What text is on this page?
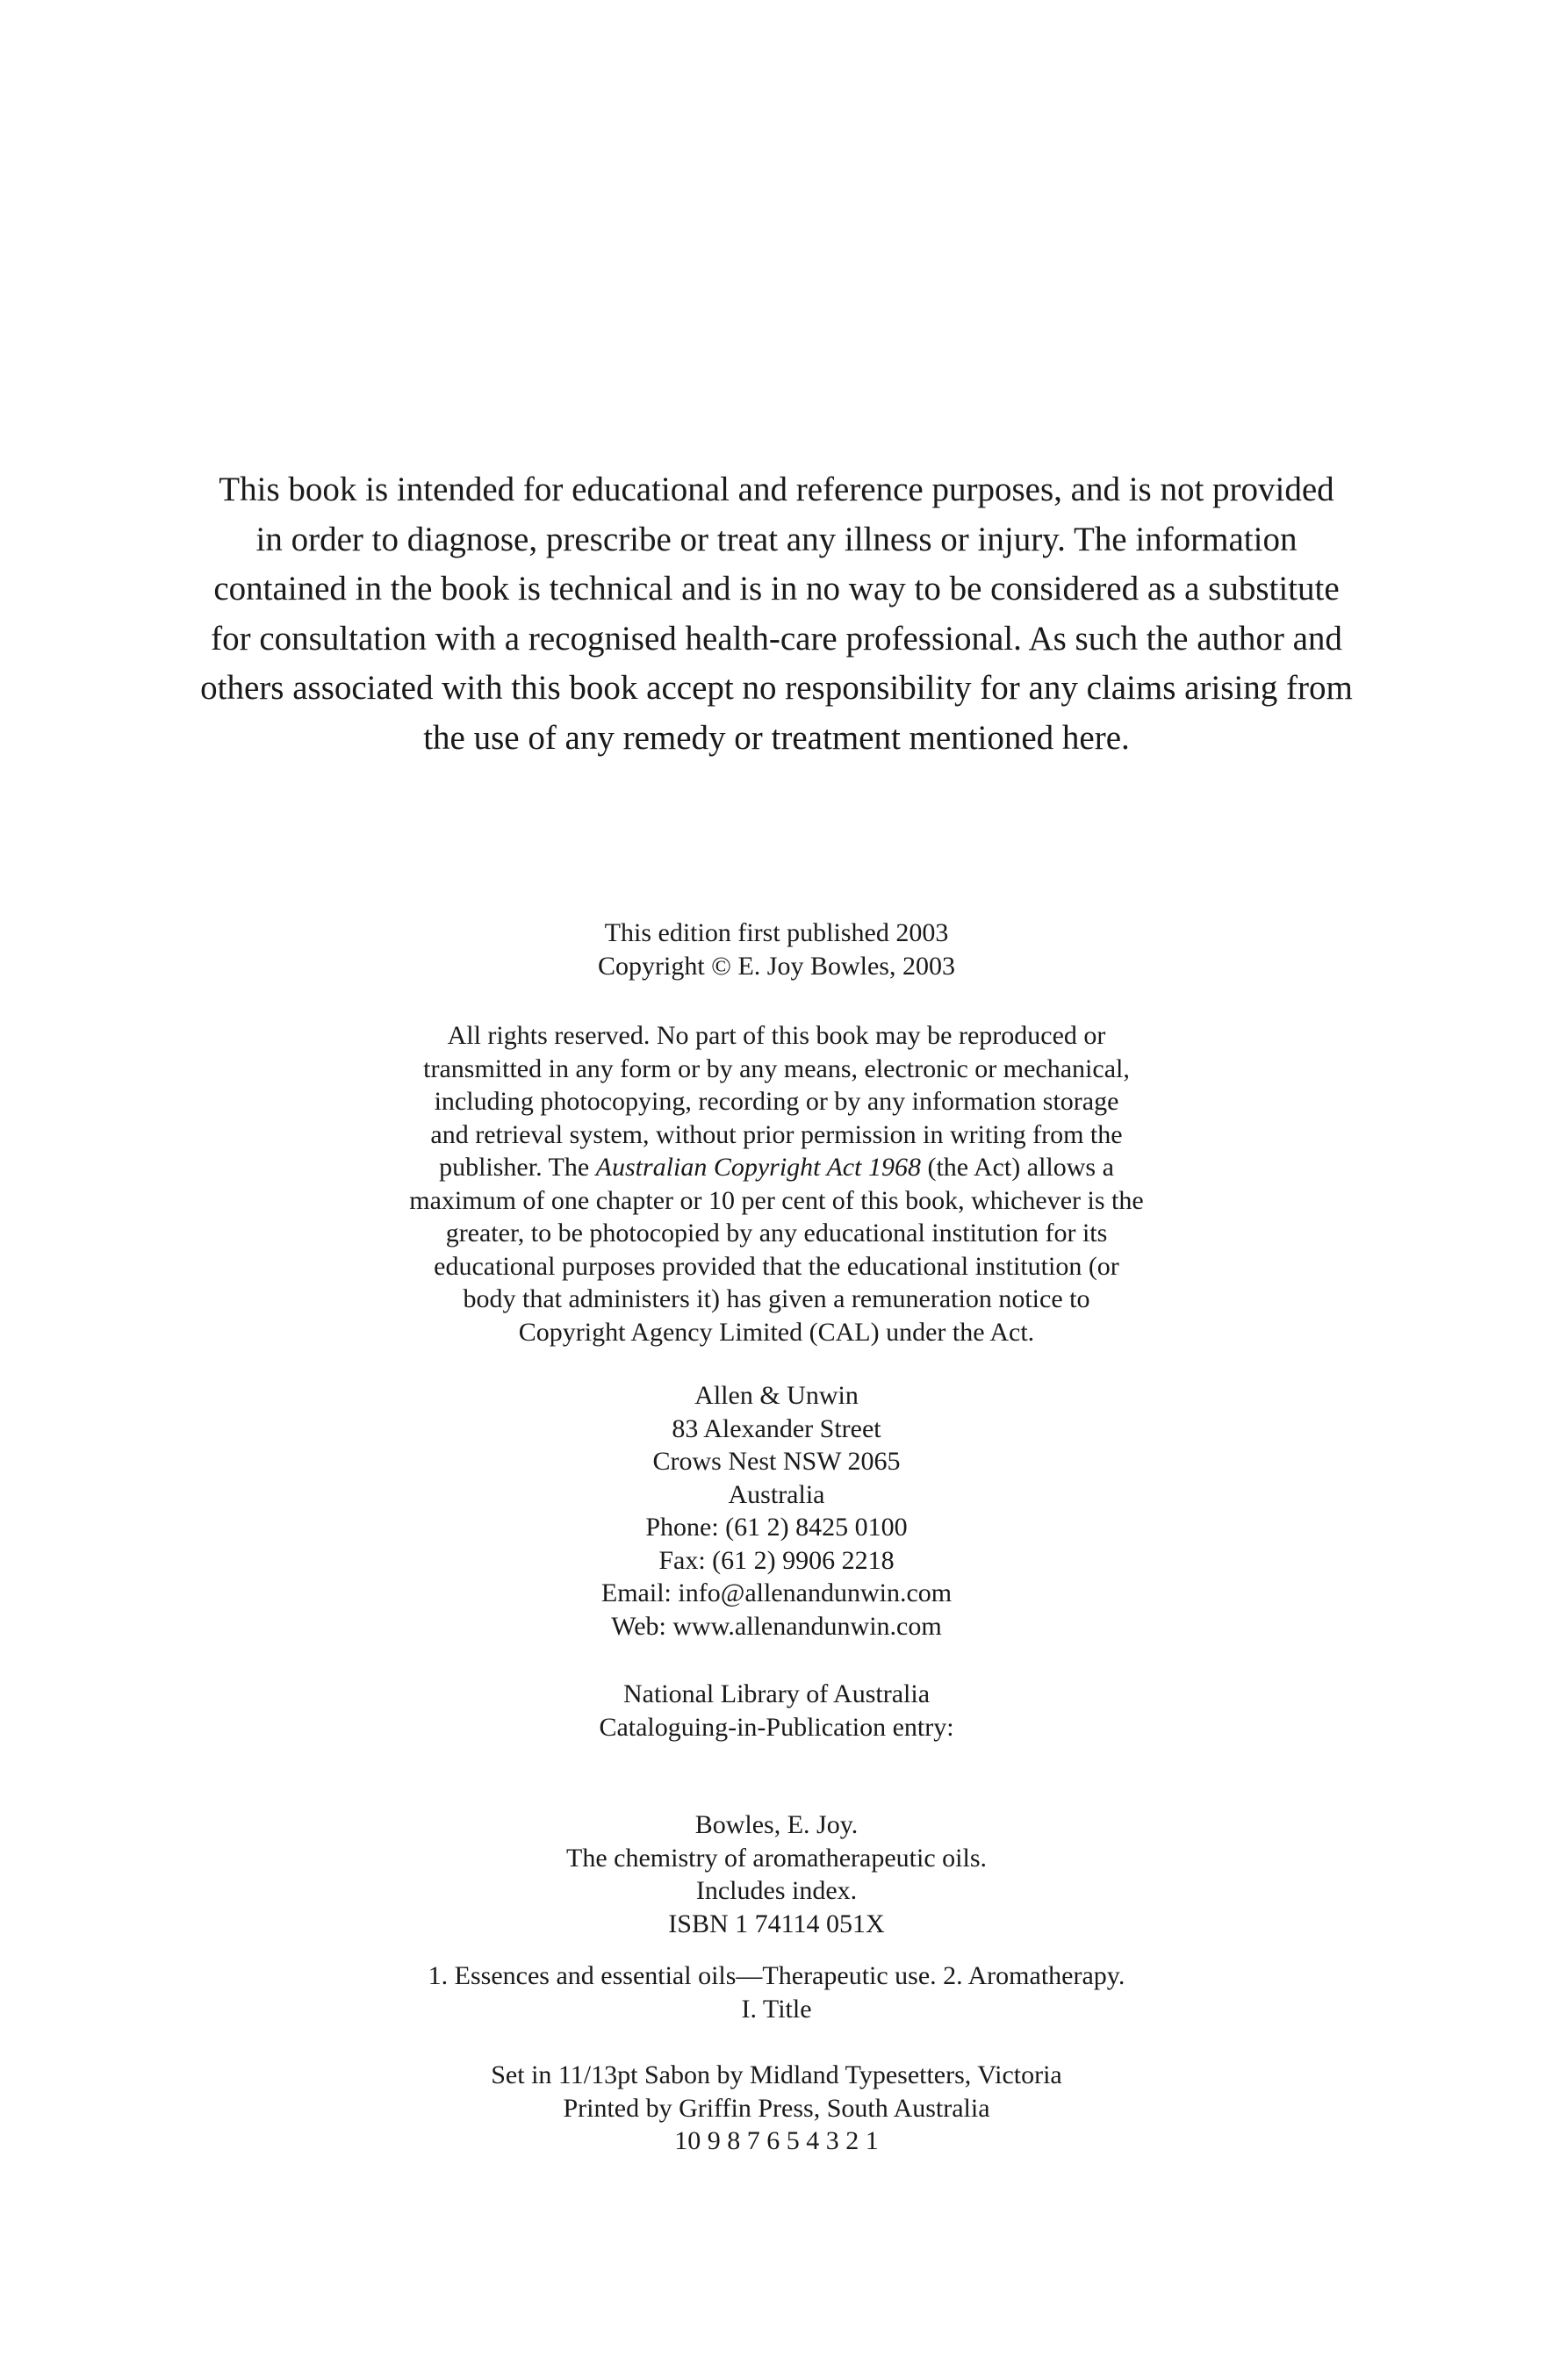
This book is intended for educational and reference purposes, and is not provided
in order to diagnose, prescribe or treat any illness or injury. The information
contained in the book is technical and is in no way to be considered as a substitute
for consultation with a recognised health-care professional. As such the author and
others associated with this book accept no responsibility for any claims arising from
the use of any remedy or treatment mentioned here.
This edition first published 2003
Copyright © E. Joy Bowles, 2003
All rights reserved. No part of this book may be reproduced or
transmitted in any form or by any means, electronic or mechanical,
including photocopying, recording or by any information storage
and retrieval system, without prior permission in writing from the
publisher. The Australian Copyright Act 1968 (the Act) allows a
maximum of one chapter or 10 per cent of this book, whichever is the
greater, to be photocopied by any educational institution for its
educational purposes provided that the educational institution (or
body that administers it) has given a remuneration notice to
Copyright Agency Limited (CAL) under the Act.
Allen & Unwin
83 Alexander Street
Crows Nest NSW 2065
Australia
Phone: (61 2) 8425 0100
Fax: (61 2) 9906 2218
Email: info@allenandunwin.com
Web: www.allenandunwin.com
National Library of Australia
Cataloguing-in-Publication entry:
Bowles, E. Joy.
The chemistry of aromatherapeutic oils.
Includes index.
ISBN 1 74114 051X
1. Essences and essential oils—Therapeutic use. 2. Aromatherapy.
I. Title
Set in 11/13pt Sabon by Midland Typesetters, Victoria
Printed by Griffin Press, South Australia
10 9 8 7 6 5 4 3 2 1
